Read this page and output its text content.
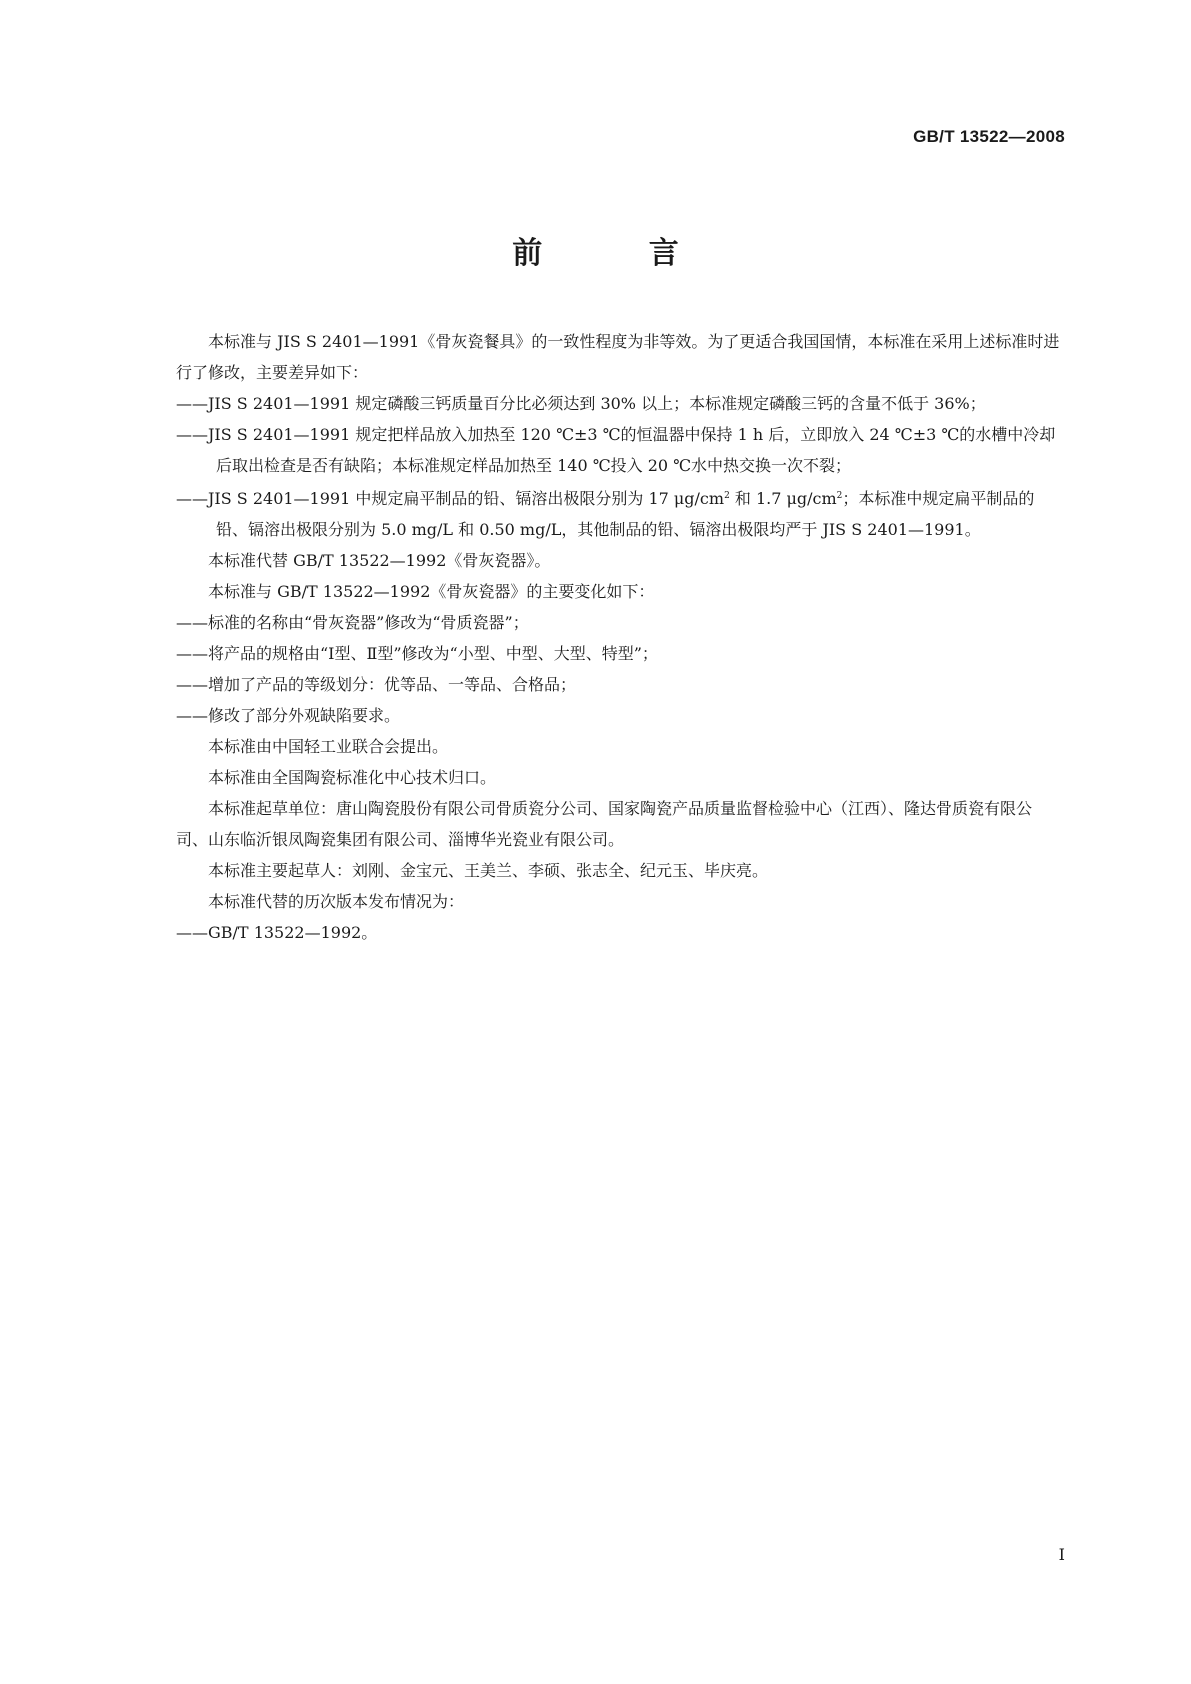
GB/T 13522—2008
前 言

本标准与 JIS S 2401—1991《骨灰瓷餐具》的一致性程度为非等效。为了更适合我国国情，本标准在采用上述标准时进行了修改，主要差异如下：

——JIS S 2401—1991 规定磷酸三钙质量百分比必须达到 30% 以上；本标准规定磷酸三钙的含量不低于 36%；

——JIS S 2401—1991 规定把样品放入加热至 120 ℃±3 ℃的恒温器中保持 1 h 后，立即放入 24 ℃±3 ℃的水槽中冷却后取出检查是否有缺陷；本标准规定样品加热至 140 ℃投入 20 ℃水中热交换一次不裂；

——JIS S 2401—1991 中规定扁平制品的铅、镉溶出极限分别为 17 $\mu g/cm^2$ 和 1.7 $\mu g/cm^2$；本标准中规定扁平制品的铅、镉溶出极限分别为 5.0 mg/L 和 0.50 mg/L，其他制品的铅、镉溶出极限均严于 JIS S 2401—1991。

本标准代替 GB/T 13522—1992《骨灰瓷器》。

本标准与 GB/T 13522—1992《骨灰瓷器》的主要变化如下：

——标准的名称由“骨灰瓷器”修改为“骨质瓷器”；

——将产品的规格由“Ⅰ型、Ⅱ型”修改为“小型、中型、大型、特型”；

——增加了产品的等级划分：优等品、一等品、合格品；

——修改了部分外观缺陷要求。

本标准由中国轻工业联合会提出。

本标准由全国陶瓷标准化中心技术归口。

本标准起草单位：唐山陶瓷股份有限公司骨质瓷分公司、国家陶瓷产品质量监督检验中心（江西）、隆达骨质瓷有限公司、山东临沂银凤陶瓷集团有限公司、淄博华光瓷业有限公司。

本标准主要起草人：刘刚、金宝元、王美兰、李硕、张志全、纪元玉、毕庆亮。

本标准代替的历次版本发布情况为：

——GB/T 13522—1992。

Ⅰ
